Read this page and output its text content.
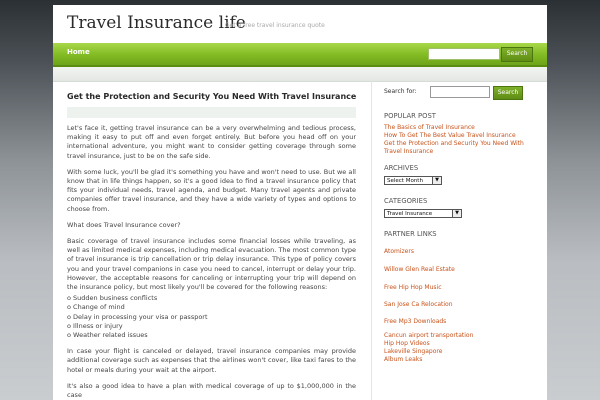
Travel Insurance life
Get a free travel insurance quote
Home	Search
Get the Protection and Security You Need With Travel Insurance

Let's face it, getting travel insurance can be a very overwhelming and tedious process, making it easy to put off and even forget entirely. But before you head off on your international adventure, you might want to consider getting coverage through some travel insurance, just to be on the safe side.

With some luck, you'll be glad it's something you have and won't need to use. But we all know that in life things happen, so it's a good idea to find a travel insurance policy that fits your individual needs, travel agenda, and budget. Many travel agents and private companies offer travel insurance, and they have a wide variety of types and options to choose from.

What does Travel Insurance cover?

Basic coverage of travel insurance includes some financial losses while traveling, as well as limited medical expenses, including medical evacuation. The most common type of travel insurance is trip cancellation or trip delay insurance. This type of policy covers you and your travel companions in case you need to cancel, interrupt or delay your trip. However, the acceptable reasons for canceling or interrupting your trip will depend on the insurance policy, but most likely you'll be covered for the following reasons:

o Sudden business conflicts
o Change of mind
o Delay in processing your visa or passport
o Illness or injury
o Weather related issues

In case your flight is canceled or delayed, travel insurance companies may provide additional coverage such as expenses that the airlines won't cover, like taxi fares to the hotel or meals during your wait at the airport.

It's also a good idea to have a plan with medical coverage of up to $1,000,000 in the case

Search for:	Search
POPULAR POST
The Basics of Travel Insurance
How To Get The Best Value Travel Insurance
Get the Protection and Security You Need With
Travel Insurance
ARCHIVES
Select Month	▼
CATEGORIES
Travel Insurance	▼
PARTNER LINKS
Atomizers
Willow Glen Real Estate
Free Hip Hop Music
San Jose Ca Relocation
Free Mp3 Downloads
Cancun airport transportation
Hip Hop Videos
Lakeville Singapore
Album Leaks
